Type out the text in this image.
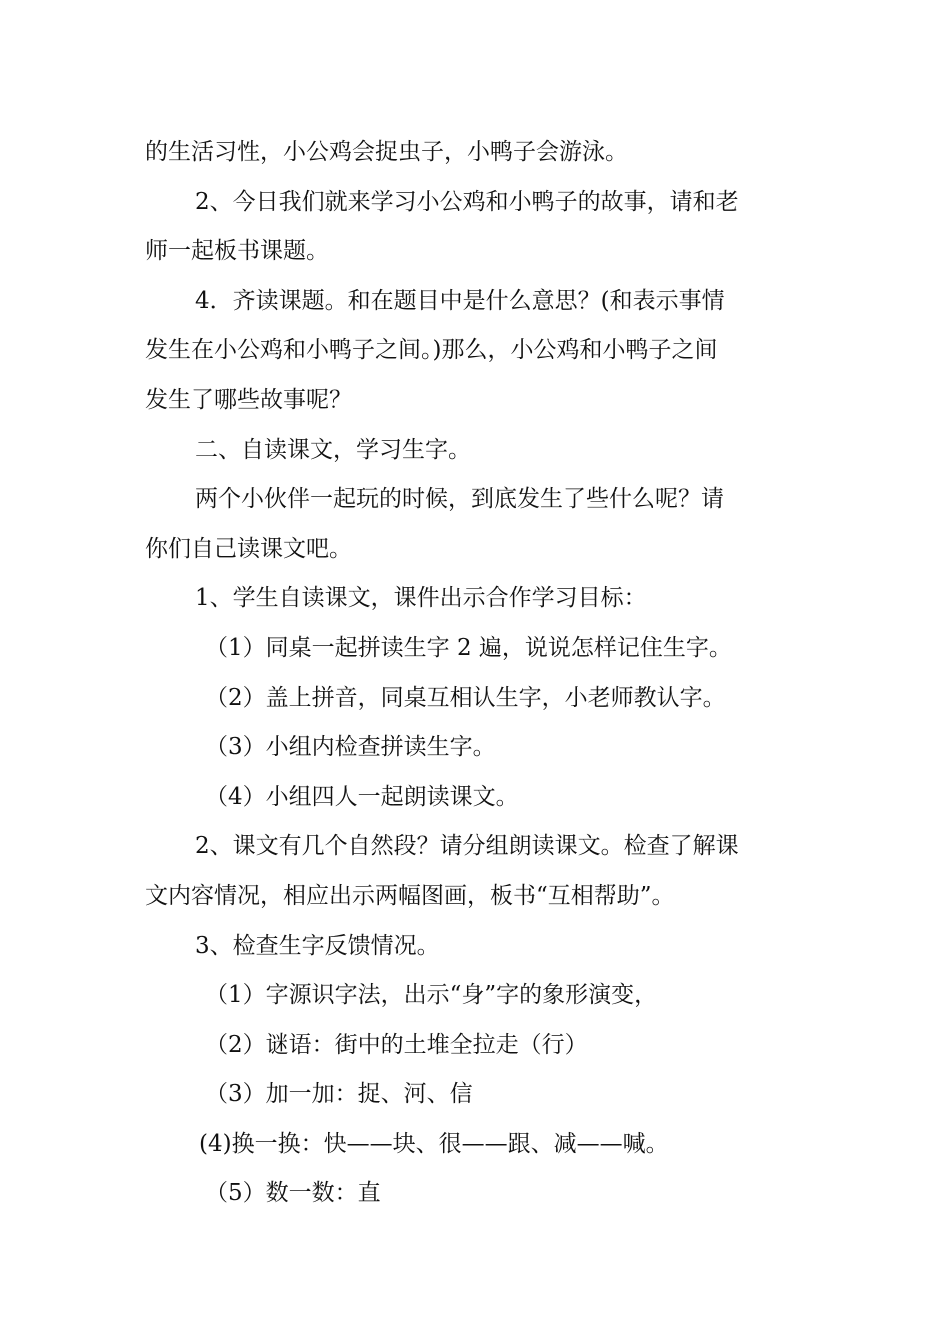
的生活习性，小公鸡会捉虫子，小鸭子会游泳。

2、今日我们就来学习小公鸡和小鸭子的故事，请和老

师一起板书课题。

4．齐读课题。和在题目中是什么意思？(和表示事情

发生在小公鸡和小鸭子之间。)那么，小公鸡和小鸭子之间

发生了哪些故事呢？

二、自读课文，学习生字。

两个小伙伴一起玩的时候，到底发生了些什么呢？请

你们自己读课文吧。

1、学生自读课文，课件出示合作学习目标：

（1）同桌一起拼读生字 2 遍，说说怎样记住生字。

（2）盖上拼音，同桌互相认生字，小老师教认字。

（3）小组内检查拼读生字。

（4）小组四人一起朗读课文。

2、课文有几个自然段？请分组朗读课文。检查了解课

文内容情况，相应出示两幅图画，板书“互相帮助”。

3、检查生字反馈情况。

（1）字源识字法，出示“身”字的象形演变，

（2）谜语：街中的土堆全拉走（行）

（3）加一加：捉、河、信

(4)换一换：快——块、很——跟、减——喊。

（5）数一数：直
